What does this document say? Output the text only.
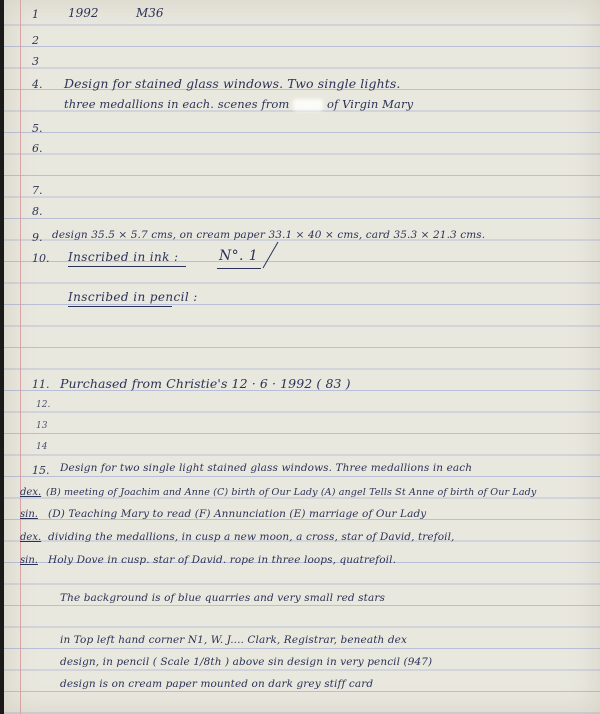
1 1992	M36
2
3
4. Design for stained glass windows. Two single lights.
three medallions in each. scenes from	of Virgin Mary
5.
6.
7.
8.
9. design 35.5 × 5.7 cms, on cream paper 33.1 × 40 × cms, card 35.3 × 21.3 cms.
10. Inscribed in ink :	N°. 1
Inscribed in pencil :
11. Purchased from Christie's 12 · 6 · 1992 ( 83 )
12.
13
14
15. Design for two single light stained glass windows. Three medallions in each
dex. (B) meeting of Joachim and Anne (C) birth of Our Lady (A) angel Tells St Anne of birth of Our Lady
sin. (D) Teaching Mary to read (F) Annunciation (E) marriage of Our Lady
dex. dividing the medallions, in cusp a new moon, a cross, star of David, trefoil,
sin. Holy Dove in cusp. star of David. rope in three loops, quatrefoil.
The background is of blue quarries and very small red stars
in Top left hand corner N1, W. J.... Clark, Registrar, beneath dex
design, in pencil ( Scale 1/8th ) above sin design in very pencil (947)
design is on cream paper mounted on dark grey stiff card
